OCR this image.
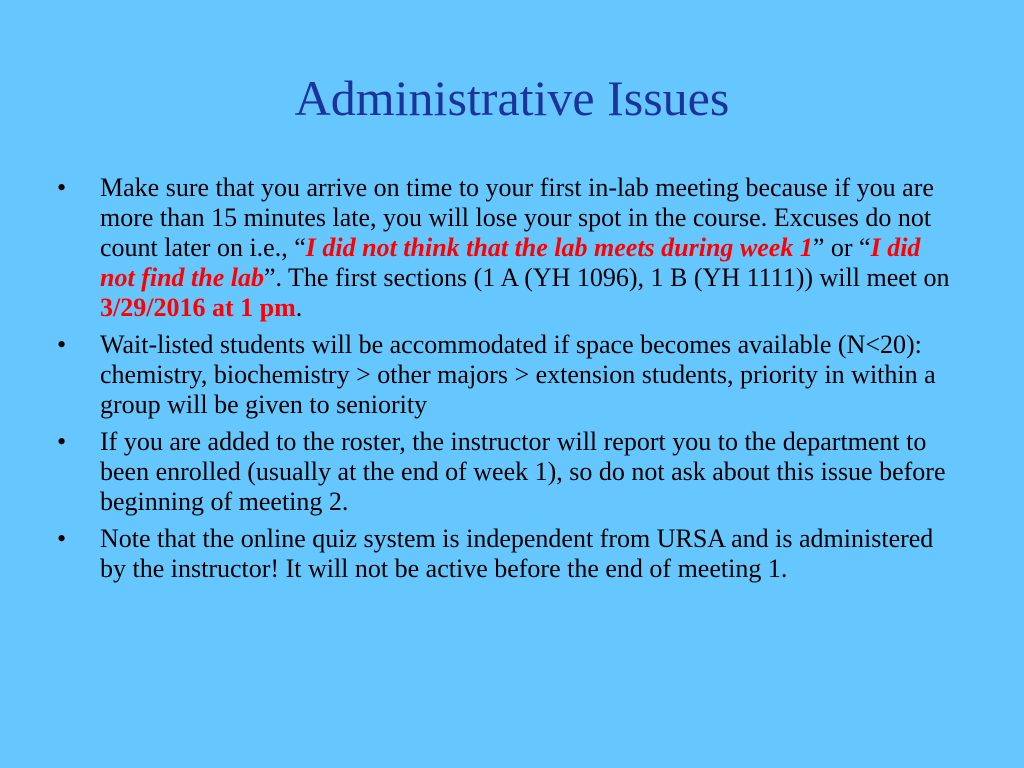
Administrative Issues
• Make sure that you arrive on time to your first in-lab meeting because if you are more than 15 minutes late, you will lose your spot in the course. Excuses do not count later on i.e., “I did not think that the lab meets during week 1” or “I did not find the lab”. The first sections (1 A (YH 1096), 1 B (YH 1111)) will meet on 3/29/2016 at 1 pm.
• Wait-listed students will be accommodated if space becomes available (N<20): chemistry, biochemistry > other majors > extension students, priority in within a group will be given to seniority
• If you are added to the roster, the instructor will report you to the department to been enrolled (usually at the end of week 1), so do not ask about this issue before beginning of meeting 2.
• Note that the online quiz system is independent from URSA and is administered by the instructor! It will not be active before the end of meeting 1.
